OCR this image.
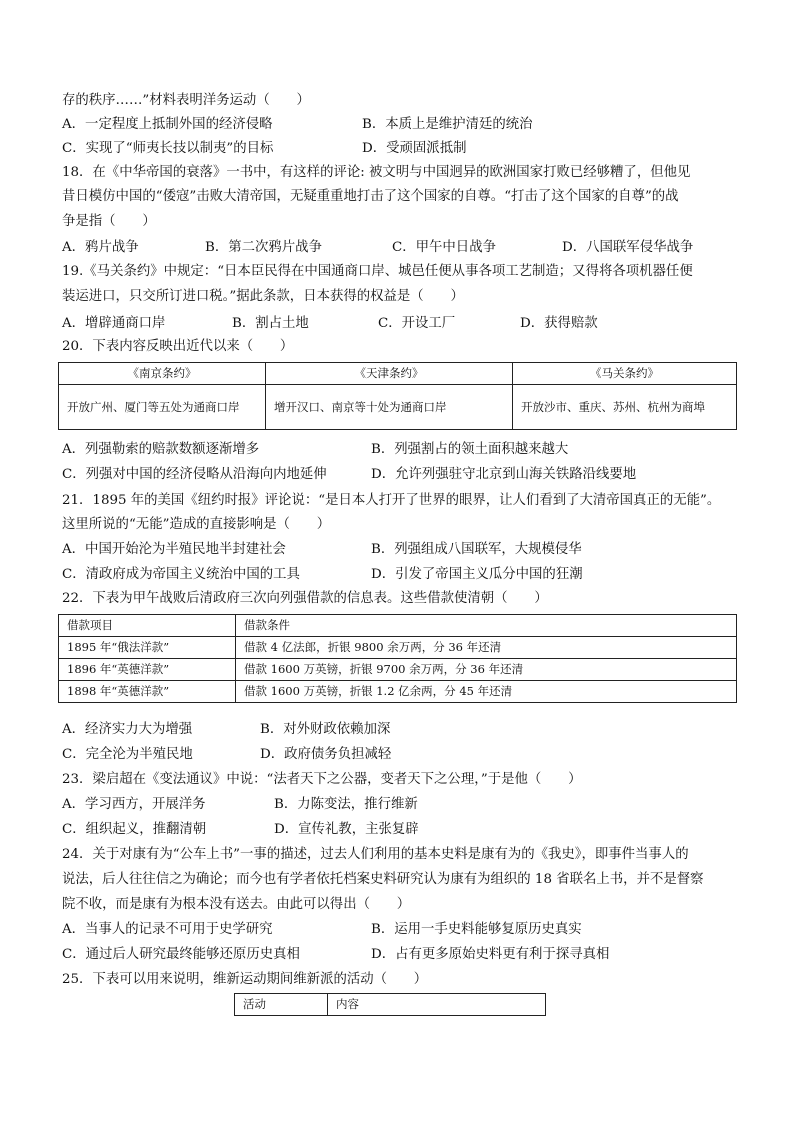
存的秩序……”材料表明洋务运动（　　）
A．一定程度上抵制外国的经济侵略	B．本质上是维护清廷的统治
C．实现了“师夷长技以制夷”的目标	D．受顽固派抵制
18．在《中华帝国的衰落》一书中，有这样的评论: 被文明与中国迥异的欧洲国家打败已经够糟了，但他见
昔日模仿中国的“倭寇”击败大清帝国，无疑重重地打击了这个国家的自尊。“打击了这个国家的自尊”的战
争是指（　　）
A．鸦片战争	B．第二次鸦片战争	C．甲午中日战争	D．八国联军侵华战争
19.《马关条约》中规定：“日本臣民得在中国通商口岸、城邑任便从事各项工艺制造；又得将各项机器任便
装运进口，只交所订进口税。”据此条款，日本获得的权益是（　　）
A．增辟通商口岸	B．割占土地	C．开设工厂	D．获得赔款
20．下表内容反映出近代以来（　　）
《南京条约》	《天津条约》	《马关条约》
开放广州、厦门等五处为通商口岸	增开汉口、南京等十处为通商口岸	开放沙市、重庆、苏州、杭州为商埠
A．列强勒索的赔款数额逐渐增多	B．列强割占的领土面积越来越大
C．列强对中国的经济侵略从沿海向内地延伸	D．允许列强驻守北京到山海关铁路沿线要地
21．1895 年的美国《纽约时报》评论说：“是日本人打开了世界的眼界，让人们看到了大清帝国真正的无能”。
这里所说的“无能”造成的直接影响是（　　）
A．中国开始沦为半殖民地半封建社会	B．列强组成八国联军，大规模侵华
C．清政府成为帝国主义统治中国的工具	D．引发了帝国主义瓜分中国的狂潮
22．下表为甲午战败后清政府三次向列强借款的信息表。这些借款使清朝（　　）
借款项目	借款条件
1895 年“俄法洋款”	借款 4 亿法郎，折银 9800 余万两，分 36 年还清
1896 年“英德洋款”	借款 1600 万英镑，折银 9700 余万两，分 36 年还清
1898 年“英德洋款”	借款 1600 万英镑，折银 1.2 亿余两，分 45 年还清
A．经济实力大为增强	B．对外财政依赖加深
C．完全沦为半殖民地	D．政府债务负担减轻
23．梁启超在《变法通议》中说：“法者天下之公器，变者天下之公理，”于是他（　　）
A．学习西方，开展洋务	B．力陈变法，推行维新
C．组织起义，推翻清朝	D．宣传礼教，主张复辟
24．关于对康有为“公车上书”一事的描述，过去人们利用的基本史料是康有为的《我史》，即事件当事人的
说法，后人往往信之为确论；而今也有学者依托档案史料研究认为康有为组织的 18 省联名上书，并不是督察
院不收，而是康有为根本没有送去。由此可以得出（　　）
A．当事人的记录不可用于史学研究	B．运用一手史料能够复原历史真实
C．通过后人研究最终能够还原历史真相	D．占有更多原始史料更有利于探寻真相
25．下表可以用来说明，维新运动期间维新派的活动（　　）
活动	内容
